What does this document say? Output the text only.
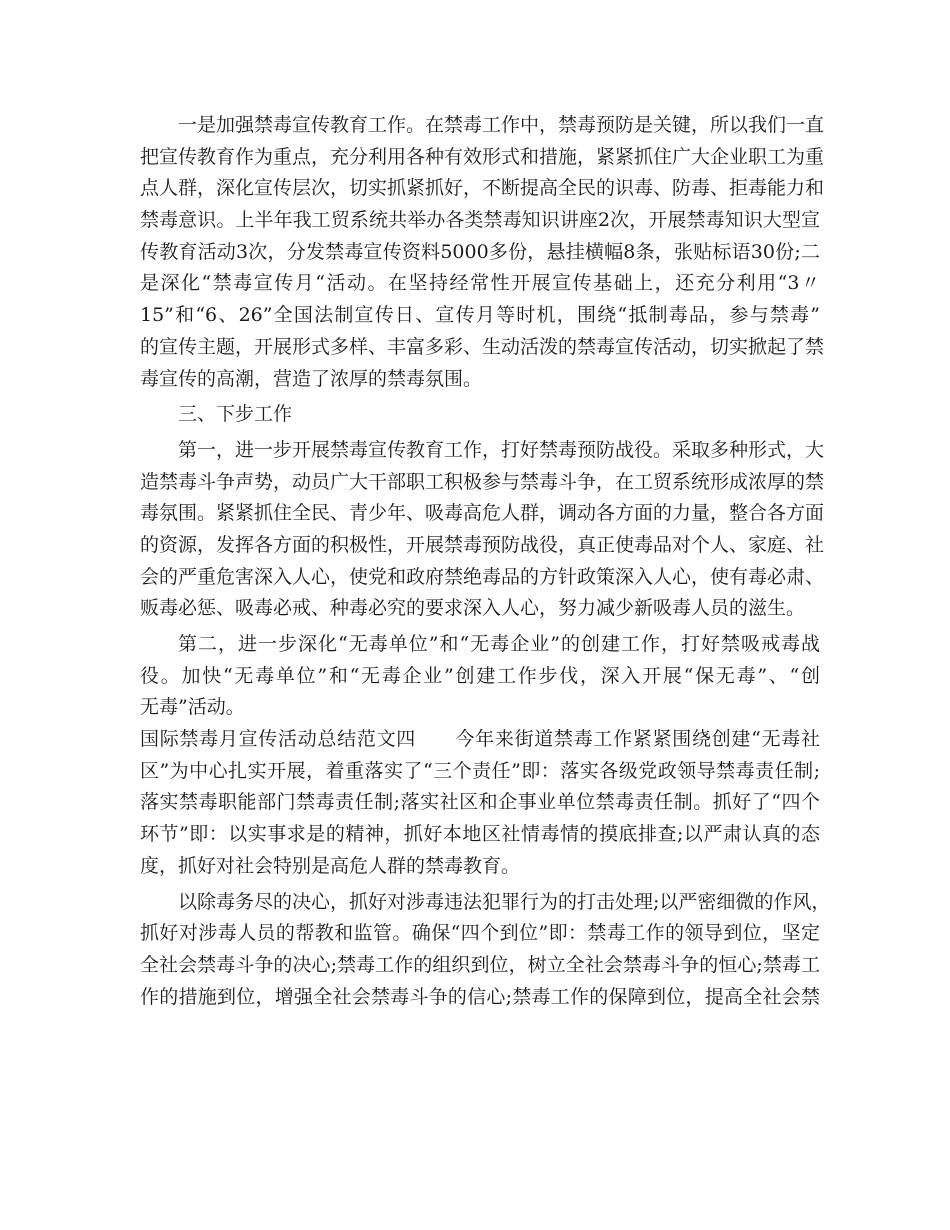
一是加强禁毒宣传教育工作。在禁毒工作中，禁毒预防是关键，所以我们一直
把宣传教育作为重点，充分利用各种有效形式和措施，紧紧抓住广大企业职工为重
点人群，深化宣传层次，切实抓紧抓好，不断提高全民的识毒、防毒、拒毒能力和
禁毒意识。上半年我工贸系统共举办各类禁毒知识讲座2次，开展禁毒知识大型宣
传教育活动3次，分发禁毒宣传资料5000多份，悬挂横幅8条，张贴标语30份;二
是深化“禁毒宣传月“活动。在坚持经常性开展宣传基础上，还充分利用“3〃
15”和“6、26”全国法制宣传日、宣传月等时机，围绕“抵制毒品，参与禁毒”
的宣传主题，开展形式多样、丰富多彩、生动活泼的禁毒宣传活动，切实掀起了禁
毒宣传的高潮，营造了浓厚的禁毒氛围。
三、下步工作
第一，进一步开展禁毒宣传教育工作，打好禁毒预防战役。采取多种形式，大
造禁毒斗争声势，动员广大干部职工积极参与禁毒斗争，在工贸系统形成浓厚的禁
毒氛围。紧紧抓住全民、青少年、吸毒高危人群，调动各方面的力量，整合各方面
的资源，发挥各方面的积极性，开展禁毒预防战役，真正使毒品对个人、家庭、社
会的严重危害深入人心，使党和政府禁绝毒品的方针政策深入人心，使有毒必肃、
贩毒必惩、吸毒必戒、种毒必究的要求深入人心，努力减少新吸毒人员的滋生。
第二，进一步深化“无毒单位”和“无毒企业”的创建工作，打好禁吸戒毒战
役。加快“无毒单位”和“无毒企业”创建工作步伐，深入开展“保无毒”、“创
无毒”活动。
国际禁毒月宣传活动总结范文四　　今年来街道禁毒工作紧紧围绕创建“无毒社
区”为中心扎实开展，着重落实了“三个责任”即：落实各级党政领导禁毒责任制;
落实禁毒职能部门禁毒责任制;落实社区和企事业单位禁毒责任制。抓好了“四个
环节”即：以实事求是的精神，抓好本地区社情毒情的摸底排查;以严肃认真的态
度，抓好对社会特别是高危人群的禁毒教育。
以除毒务尽的决心，抓好对涉毒违法犯罪行为的打击处理;以严密细微的作风，
抓好对涉毒人员的帮教和监管。确保“四个到位”即：禁毒工作的领导到位，坚定
全社会禁毒斗争的决心;禁毒工作的组织到位，树立全社会禁毒斗争的恒心;禁毒工
作的措施到位，增强全社会禁毒斗争的信心;禁毒工作的保障到位，提高全社会禁
